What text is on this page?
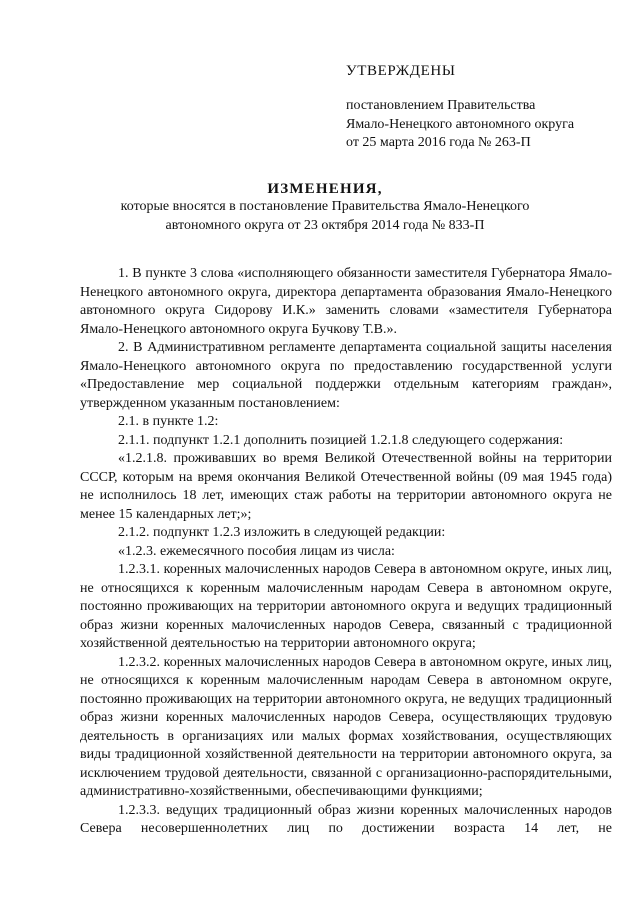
УТВЕРЖДЕНЫ

постановлением Правительства

Ямало-Ненецкого автономного округа

от 25 марта 2016 года № 263-П

ИЗМЕНЕНИЯ,
которые вносятся в постановление Правительства Ямало-Ненецкого
автономного округа от 23 октября 2014 года № 833-П

1. В пункте 3 слова «исполняющего обязанности заместителя Губернатора Ямало-Ненецкого автономного округа, директора департамента образования Ямало-Ненецкого автономного округа Сидорову И.К.» заменить словами «заместителя Губернатора Ямало-Ненецкого автономного округа Бучкову Т.В.».

2. В Административном регламенте департамента социальной защиты населения Ямало-Ненецкого автономного округа по предоставлению государственной услуги «Предоставление мер социальной поддержки отдельным категориям граждан», утвержденном указанным постановлением:

2.1. в пункте 1.2:

2.1.1. подпункт 1.2.1 дополнить позицией 1.2.1.8 следующего содержания:

«1.2.1.8. проживавших во время Великой Отечественной войны на территории СССР, которым на время окончания Великой Отечественной войны (09 мая 1945 года) не исполнилось 18 лет, имеющих стаж работы на территории автономного округа не менее 15 календарных лет;»;

2.1.2. подпункт 1.2.3 изложить в следующей редакции:

«1.2.3. ежемесячного пособия лицам из числа:

1.2.3.1. коренных малочисленных народов Севера в автономном округе, иных лиц, не относящихся к коренным малочисленным народам Севера в автономном округе, постоянно проживающих на территории автономного округа и ведущих традиционный образ жизни коренных малочисленных народов Севера, связанный с традиционной хозяйственной деятельностью на территории автономного округа;

1.2.3.2. коренных малочисленных народов Севера в автономном округе, иных лиц, не относящихся к коренным малочисленным народам Севера в автономном округе, постоянно проживающих на территории автономного округа, не ведущих традиционный образ жизни коренных малочисленных народов Севера, осуществляющих трудовую деятельность в организациях или малых формах хозяйствования, осуществляющих виды традиционной хозяйственной деятельности на территории автономного округа, за исключением трудовой деятельности, связанной с организационно-распорядительными, административно-хозяйственными, обеспечивающими функциями;

1.2.3.3. ведущих традиционный образ жизни коренных малочисленных народов Севера несовершеннолетних лиц по достижении возраста 14 лет, не
